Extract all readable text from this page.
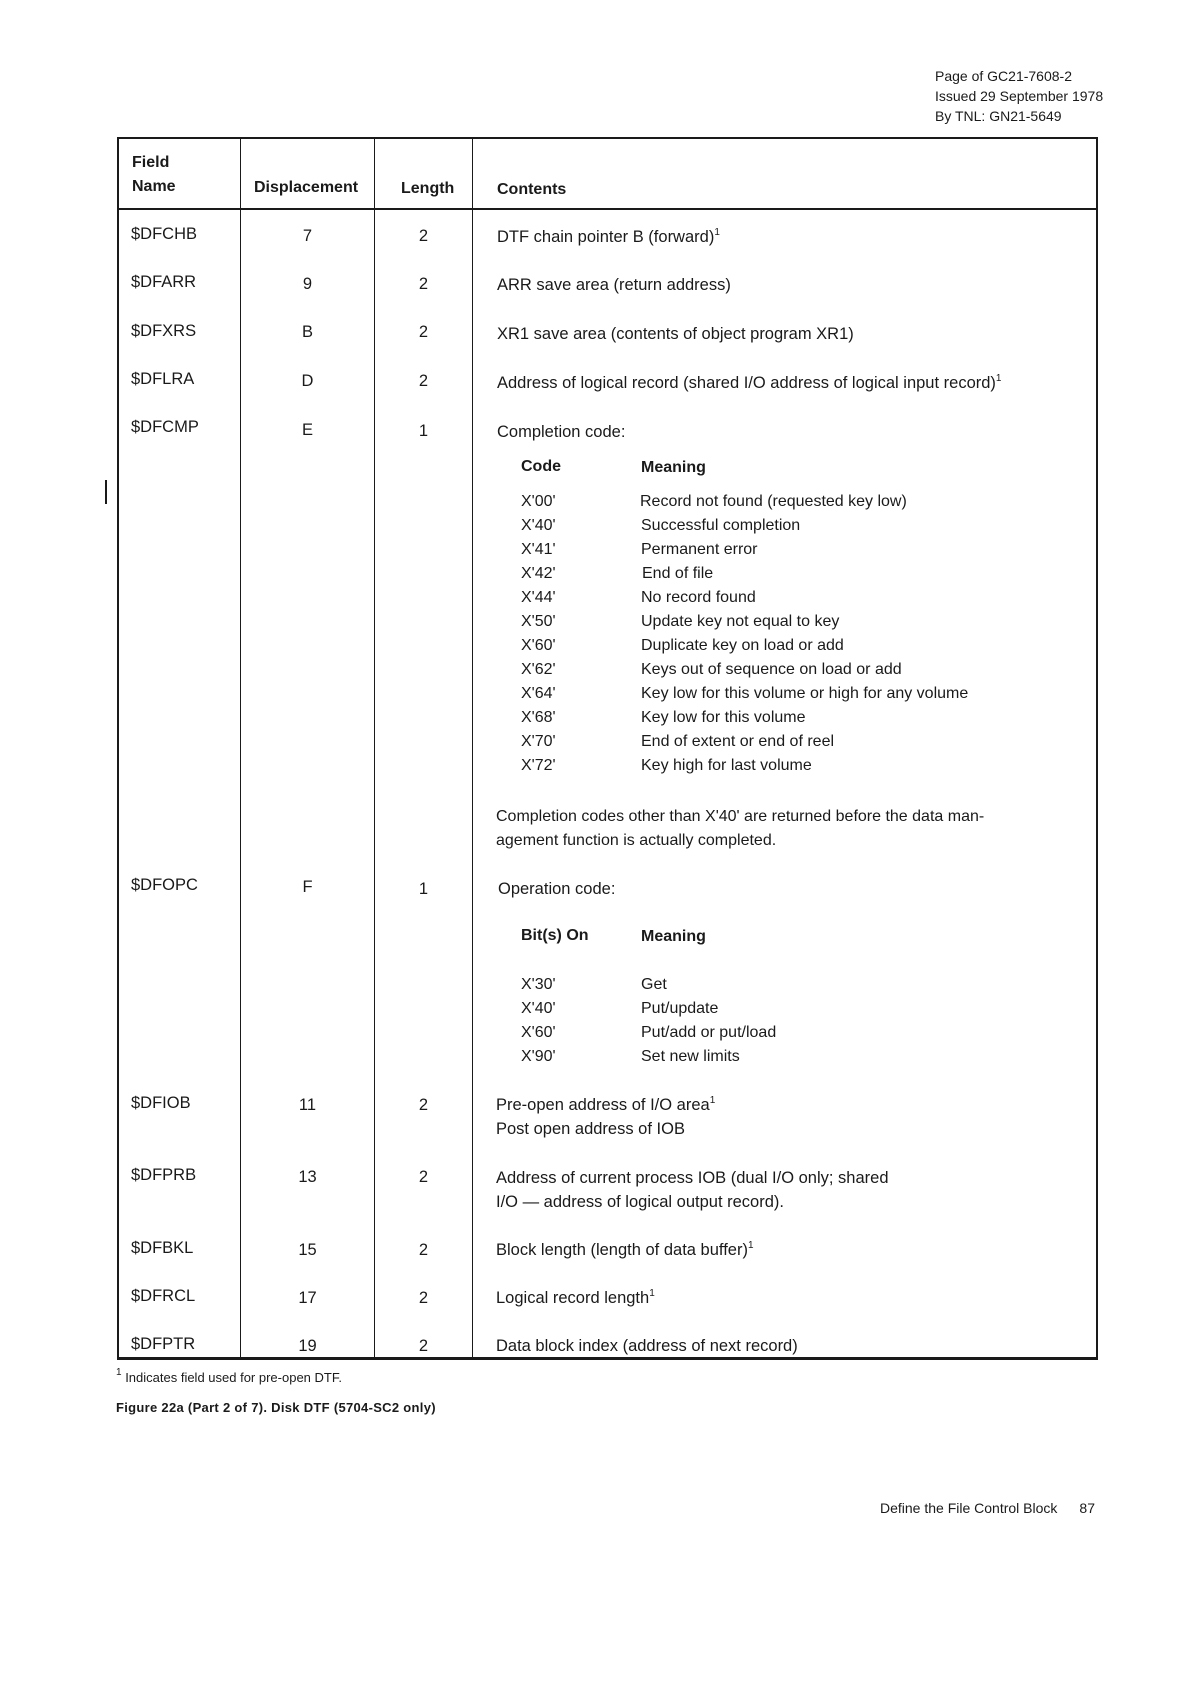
Page of GC21-7608-2
Issued 29 September 1978
By TNL: GN21-5649
Field
Name	Displacement	Length	Contents
$DFCHB	7	2	DTF chain pointer B (forward)$^1$
$DFARR	9	2	ARR save area (return address)
$DFXRS	B	2	XR1 save area (contents of object program XR1)
$DFLRA	D	2	Address of logical record (shared I/O address of logical input record)$^1$
$DFCMP	E	1	Completion code:
Code	Meaning
X'00'	Record not found (requested key low)
X'40'	Successful completion
X'41'	Permanent error
X'42'	End of file
X'44'	No record found
X'50'	Update key not equal to key
X'60'	Duplicate key on load or add
X'62'	Keys out of sequence on load or add
X'64'	Key low for this volume or high for any volume
X'68'	Key low for this volume
X'70'	End of extent or end of reel
X'72'	Key high for last volume
Completion codes other than X'40' are returned before the data man-
agement function is actually completed.
$DFOPC	F	1	Operation code:
Bit(s) On	Meaning
X'30'	Get
X'40'	Put/update
X'60'	Put/add or put/load
X'90'	Set new limits
$DFIOB	11	2	Pre-open address of I/O area$^1$
Post open address of IOB
$DFPRB	13	2	Address of current process IOB (dual I/O only; shared
I/O — address of logical output record).
$DFBKL	15	2	Block length (length of data buffer)$^1$
$DFRCL	17	2	Logical record length$^1$
$DFPTR	19	2	Data block index (address of next record)
$^1$ Indicates field used for pre-open DTF.
Figure 22a (Part 2 of 7). Disk DTF (5704-SC2 only)
Define the File Control Block 87
